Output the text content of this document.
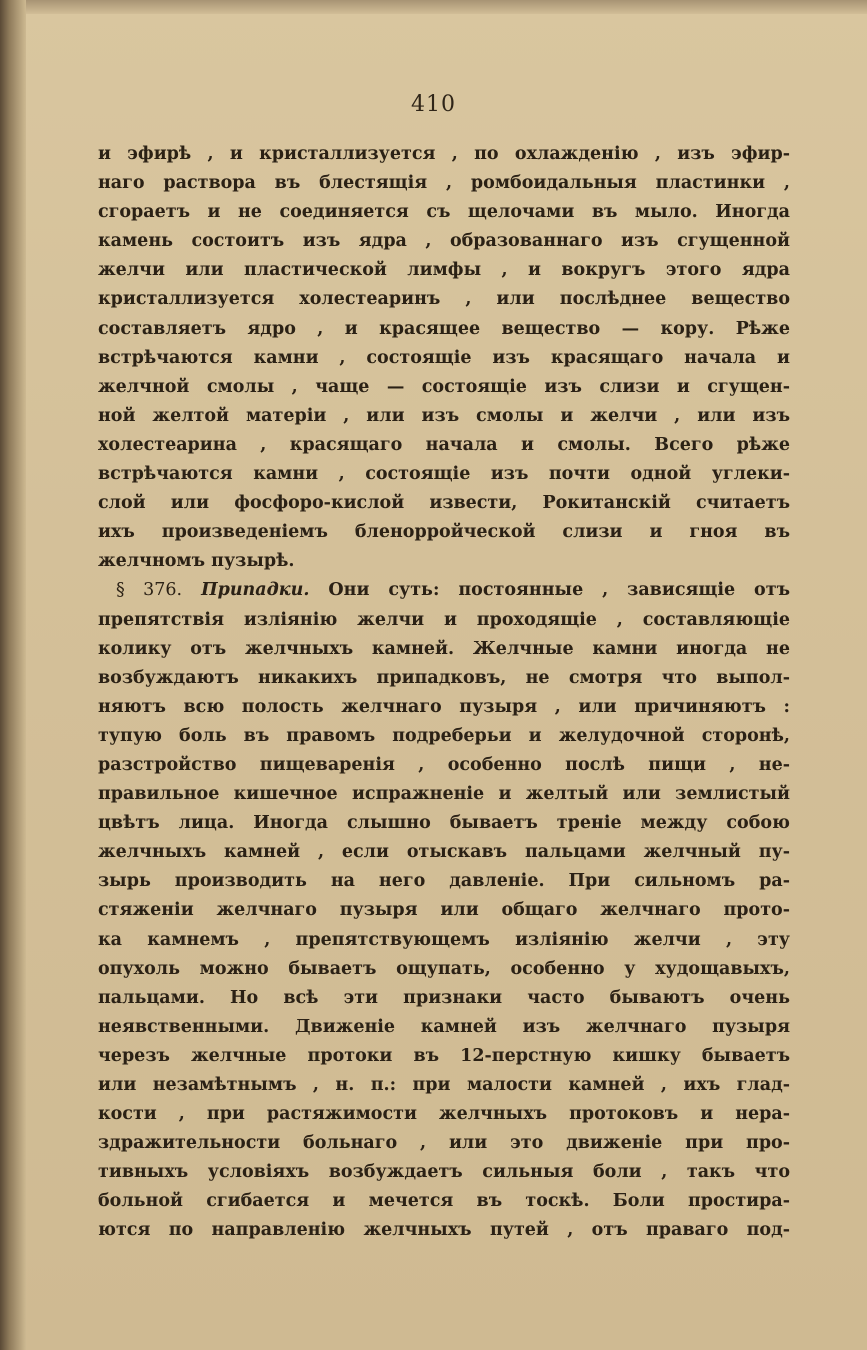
410
и эфирѣ , и кристаллизуется , по охлажденію , изъ эфир-
наго раствора въ блестящія , ромбоидальныя пластинки ,
сгораетъ и не соединяется съ щелочами въ мыло. Иногда
камень состоитъ изъ ядра , образованнаго изъ сгущенной
желчи или пластической лимфы , и вокругъ этого ядра
кристаллизуется холестеаринъ , или послѣднее вещество
составляетъ ядро , и красящее вещество — кору. Рѣже
встрѣчаются камни , состоящіе изъ красящаго начала и
желчной смолы , чаще — состоящіе изъ слизи и сгущен-
ной желтой матеріи , или изъ смолы и желчи , или изъ
холестеарина , красящаго начала и смолы. Всего рѣже
встрѣчаются камни , состоящіе изъ почти одной углеки-
слой или фосфоро-кислой извести, Рокитанскій считаетъ
ихъ произведеніемъ бленорройческой слизи и гноя въ
желчномъ пузырѣ.
§ 376. Припадки. Они суть: постоянные , зависящіе отъ
препятствія изліянію желчи и проходящіе , составляющіе
колику отъ желчныхъ камней. Желчные камни иногда не
возбуждаютъ никакихъ припадковъ, не смотря что выпол-
няютъ всю полость желчнаго пузыря , или причиняютъ :
тупую боль въ правомъ подреберьи и желудочной сторонѣ,
разстройство пищеваренія , особенно послѣ пищи , не-
правильное кишечное испражненіе и желтый или землистый
цвѣтъ лица. Иногда слышно бываетъ треніе между собою
желчныхъ камней , если отыскавъ пальцами желчный пу-
зырь производить на него давленіе. При сильномъ ра-
стяженіи желчнаго пузыря или общаго желчнаго прото-
ка камнемъ , препятствующемъ изліянію желчи , эту
опухоль можно бываетъ ощупать, особенно у худощавыхъ,
пальцами. Но всѣ эти признаки часто бываютъ очень
неявственными. Движеніе камней изъ желчнаго пузыря
черезъ желчные протоки въ 12-перстную кишку бываетъ
или незамѣтнымъ , н. п.: при малости камней , ихъ глад-
кости , при растяжимости желчныхъ протоковъ и нера-
здражительности больнаго , или это движеніе при про-
тивныхъ условіяхъ возбуждаетъ сильныя боли , такъ что
больной сгибается и мечется въ тоскѣ. Боли простира-
ются по направленію желчныхъ путей , отъ праваго под-
